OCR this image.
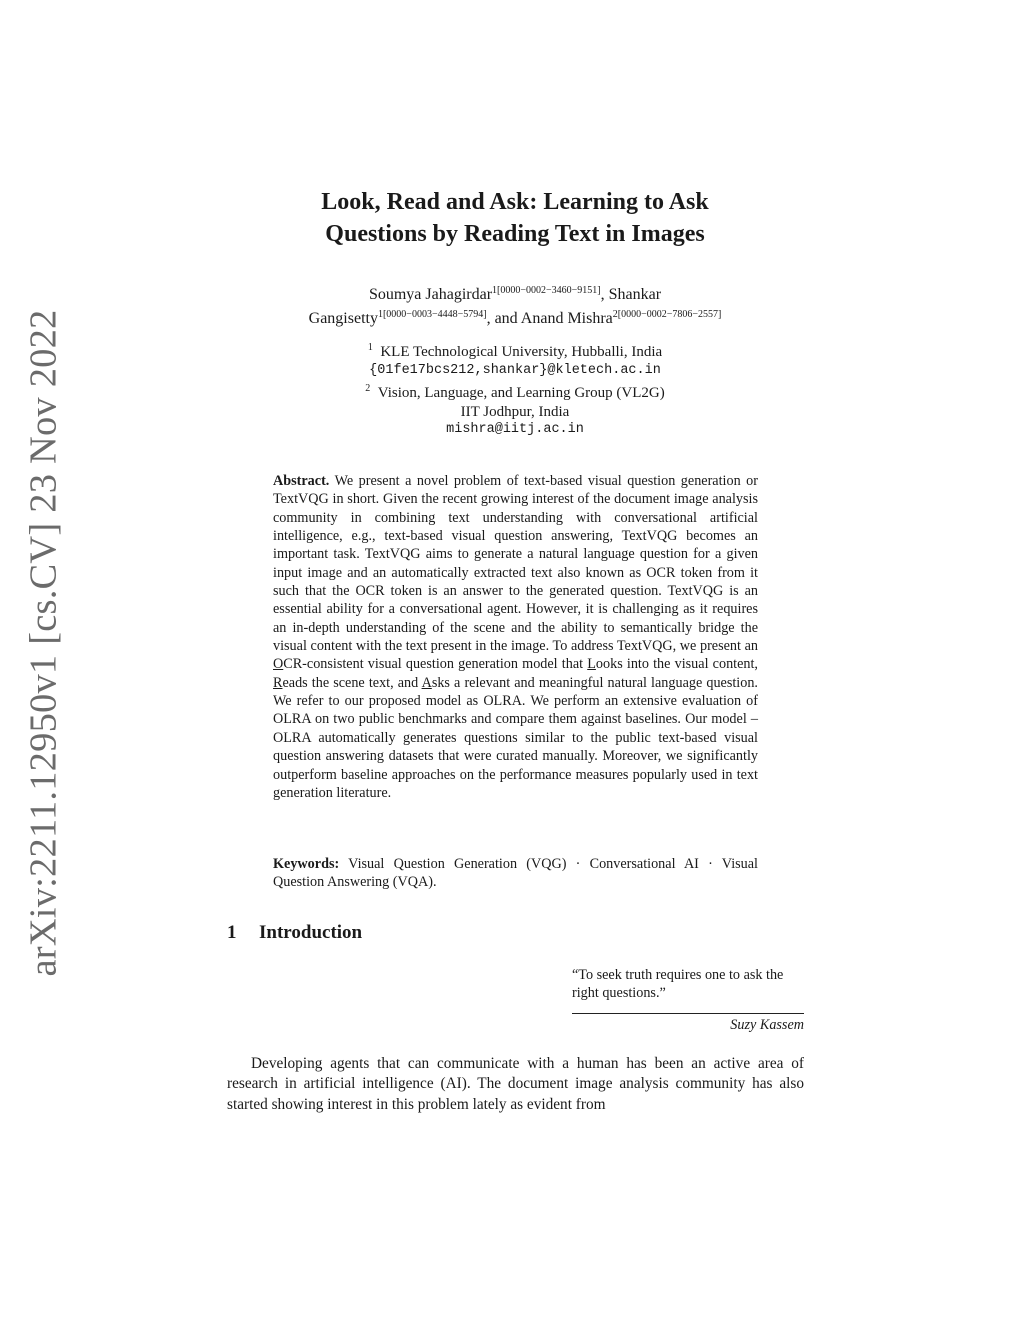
arXiv:2211.12950v1 [cs.CV] 23 Nov 2022
Look, Read and Ask: Learning to Ask
Questions by Reading Text in Images
Soumya Jahagirdar$^{1[0000-0002-3460-9151]}$, Shankar
Gangisetty$^{1[0000-0003-4448-5794]}$, and Anand Mishra$^{2[0000-0002-7806-2557]}$
$^1$ KLE Technological University, Hubballi, India
{01fe17bcs212,shankar}@kletech.ac.in
$^2$ Vision, Language, and Learning Group (VL2G)
IIT Jodhpur, India
mishra@iitj.ac.in
Abstract. We present a novel problem of text-based visual question generation or TextVQG in short. Given the recent growing interest of the document image analysis community in combining text understanding with conversational artificial intelligence, e.g., text-based visual question answering, TextVQG becomes an important task. TextVQG aims to generate a natural language question for a given input image and an automatically extracted text also known as OCR token from it such that the OCR token is an answer to the generated question. TextVQG is an essential ability for a conversational agent. However, it is challenging as it requires an in-depth understanding of the scene and the ability to semantically bridge the visual content with the text present in the image. To address TextVQG, we present an OCR-consistent visual question generation model that Looks into the visual content, Reads the scene text, and Asks a relevant and meaningful natural language question. We refer to our proposed model as OLRA. We perform an extensive evaluation of OLRA on two public benchmarks and compare them against baselines. Our model – OLRA automatically generates questions similar to the public text-based visual question answering datasets that were curated manually. Moreover, we significantly outperform baseline approaches on the performance measures popularly used in text generation literature.
Keywords: Visual Question Generation (VQG) · Conversational AI · Visual Question Answering (VQA).
1 Introduction
“To seek truth requires one to ask the right questions.”
Suzy Kassem
Developing agents that can communicate with a human has been an active area of research in artificial intelligence (AI). The document image analysis community has also started showing interest in this problem lately as evident from
